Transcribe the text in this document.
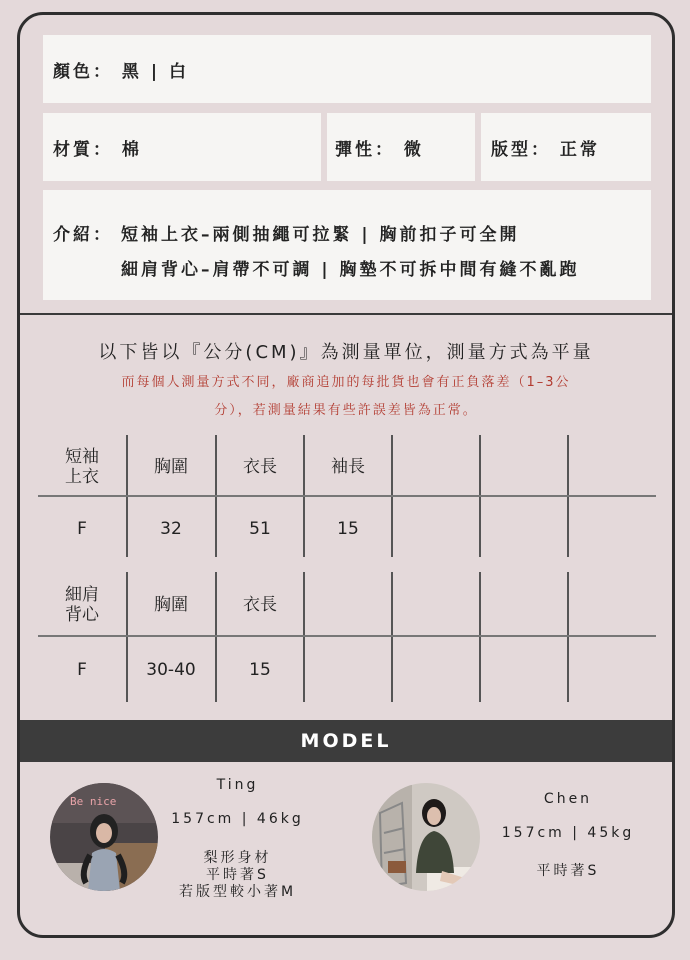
顏色： 黑 | 白
材質： 棉	彈性： 微	版型： 正常
介紹： 短袖上衣–兩側抽繩可拉緊 | 胸前扣子可全開
細肩背心–肩帶不可調 | 胸墊不可拆中間有縫不亂跑
以下皆以『公分(CM)』為測量單位，測量方式為平量
而每個人測量方式不同，廠商追加的每批貨也會有正負落差（1–3公
分），若測量結果有些許誤差皆為正常。
短袖
上衣	胸圍	衣長	袖長
F	32	51	15
細肩
背心	胸圍	衣長
F	30-40	15
MODEL
Be nice
Ting
157cm | 46kg
梨形身材
平時著S
若版型較小著M
Chen
157cm | 45kg
平時著S
